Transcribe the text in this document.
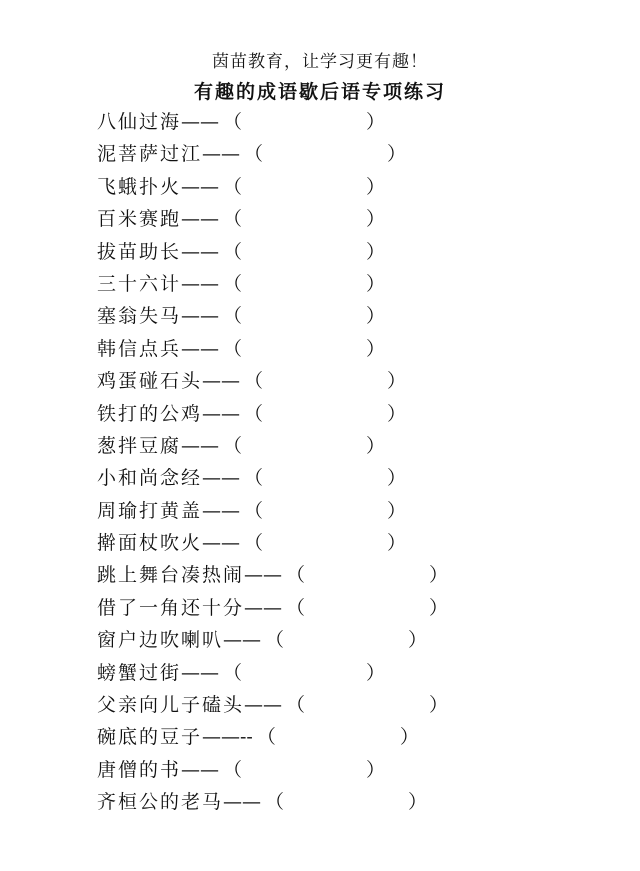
茵苗教育，让学习更有趣！
有趣的成语歇后语专项练习
八仙过海—— （	）
泥菩萨过江—— （	）
飞蛾扑火—— （	）
百米赛跑—— （	）
拔苗助长—— （	）
三十六计—— （	）
塞翁失马—— （	）
韩信点兵—— （	）
鸡蛋碰石头—— （	）
铁打的公鸡—— （	）
葱拌豆腐—— （	）
小和尚念经—— （	）
周瑜打黄盖—— （	）
擀面杖吹火—— （	）
跳上舞台凑热闹—— （	）
借了一角还十分—— （	）
窗户边吹喇叭—— （	）
螃蟹过街—— （	）
父亲向儿子磕头—— （	）
碗底的豆子——-- （	）
唐僧的书—— （	）
齐桓公的老马—— （	）
